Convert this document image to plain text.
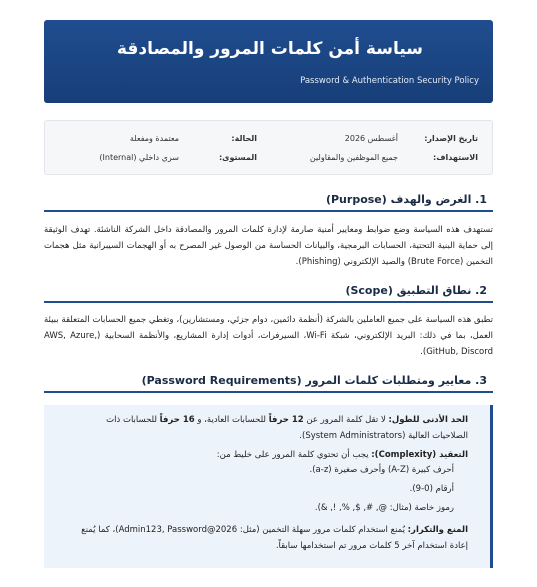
سياسة أمن كلمات المرور والمصادقة
Password & Authentication Security Policy
تاريخ الإصدار:
أغسطس 2026
الحالة:
معتمدة ومفعلة
الاستهداف:
جميع الموظفين والمقاولين
المستوى:
سري داخلي (Internal)
1. الغرض والهدف (Purpose)
تستهدف هذه السياسة وضع ضوابط ومعايير أمنية صارمة لإدارة كلمات المرور والمصادقة داخل الشركة الناشئة. تهدف الوثيقة إلى حماية البنية التحتية، الحسابات البرمجية، والبيانات الحساسة من الوصول غير المصرح به أو الهجمات السيبرانية مثل هجمات التخمين (Brute Force) والصيد الإلكتروني (Phishing).
2. نطاق التطبيق (Scope)
تطبق هذه السياسة على جميع العاملين بالشركة (أنظمة دائمين، دوام جزئي، ومستشارين)، وتغطي جميع الحسابات المتعلقة ببيئة العمل، بما في ذلك: البريد الإلكتروني، شبكة Wi-Fi، السيرفرات، أدوات إدارة المشاريع، والأنظمة السحابية (AWS, Azure, GitHub, Discord).
3. معايير ومتطلبات كلمات المرور (Password Requirements)
الحد الأدنى للطول: لا تقل كلمة المرور عن 12 حرفاً للحسابات العادية، و 16 حرفاً للحسابات ذات
الصلاحيات العالية (System Administrators).
التعقيد (Complexity): يجب أن تحتوي كلمة المرور على خليط من:
أحرف كبيرة (A-Z) وأحرف صغيرة (a-z).
أرقام (0-9).
رموز خاصة (مثال: @, #, $, %, !, &).
المنع والتكرار: يُمنع استخدام كلمات مرور سهلة التخمين (مثل: Admin123, Password@2026)، كما يُمنع
إعادة استخدام آخر 5 كلمات مرور تم استخدامها سابقاً.
